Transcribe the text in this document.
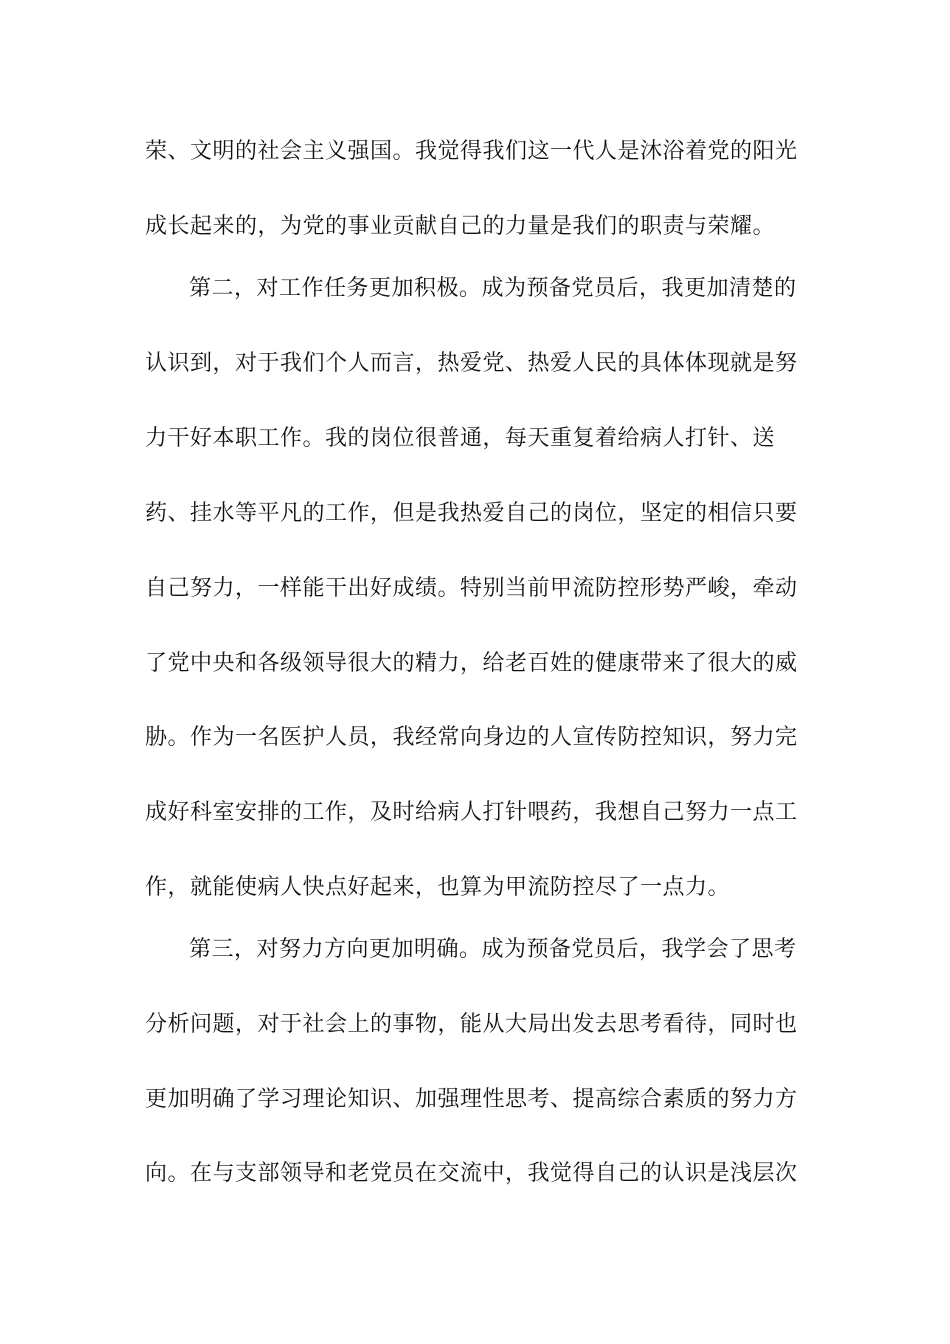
荣、文明的社会主义强国。我觉得我们这一代人是沐浴着党的阳光
成长起来的，为党的事业贡献自己的力量是我们的职责与荣耀。
第二，对工作任务更加积极。成为预备党员后，我更加清楚的
认识到，对于我们个人而言，热爱党、热爱人民的具体体现就是努
力干好本职工作。我的岗位很普通，每天重复着给病人打针、送
药、挂水等平凡的工作，但是我热爱自己的岗位，坚定的相信只要
自己努力，一样能干出好成绩。特别当前甲流防控形势严峻，牵动
了党中央和各级领导很大的精力，给老百姓的健康带来了很大的威
胁。作为一名医护人员，我经常向身边的人宣传防控知识，努力完
成好科室安排的工作，及时给病人打针喂药，我想自己努力一点工
作，就能使病人快点好起来，也算为甲流防控尽了一点力。
第三，对努力方向更加明确。成为预备党员后，我学会了思考
分析问题，对于社会上的事物，能从大局出发去思考看待，同时也
更加明确了学习理论知识、加强理性思考、提高综合素质的努力方
向。在与支部领导和老党员在交流中，我觉得自己的认识是浅层次
